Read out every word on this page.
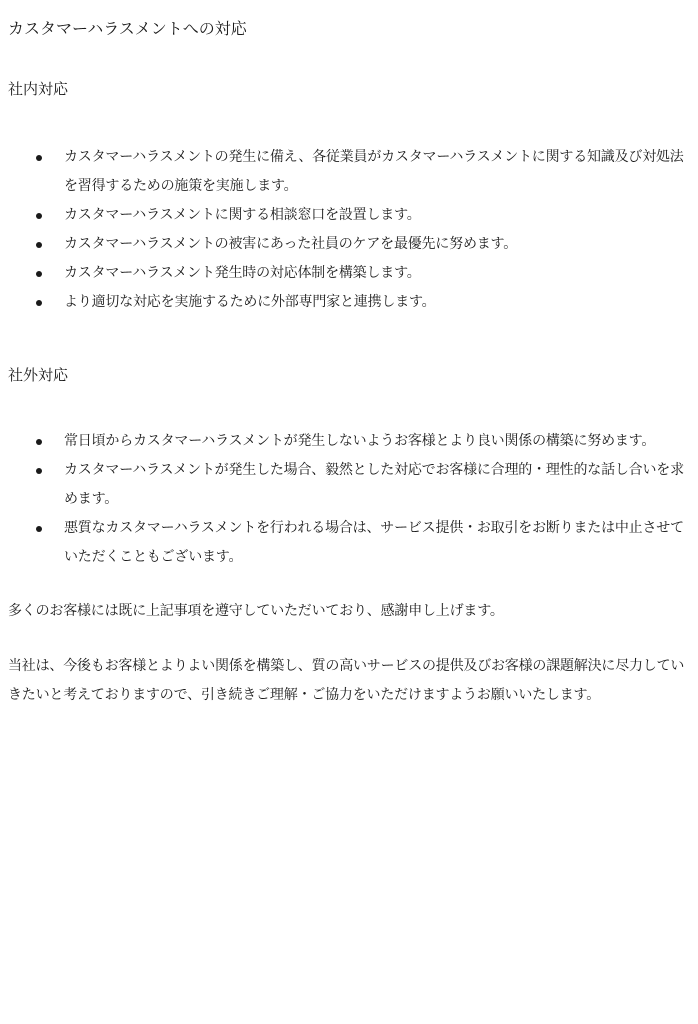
カスタマーハラスメントへの対応
社内対応
カスタマーハラスメントの発生に備え、各従業員がカスタマーハラスメントに関する知識及び対処法を習得するための施策を実施します。
カスタマーハラスメントに関する相談窓口を設置します。
カスタマーハラスメントの被害にあった社員のケアを最優先に努めます。
カスタマーハラスメント発生時の対応体制を構築します。
より適切な対応を実施するために外部専門家と連携します。
社外対応
常日頃からカスタマーハラスメントが発生しないようお客様とより良い関係の構築に努めます。
カスタマーハラスメントが発生した場合、毅然とした対応でお客様に合理的・理性的な話し合いを求めます。
悪質なカスタマーハラスメントを行われる場合は、サービス提供・お取引をお断りまたは中止させていただくこともございます。

多くのお客様には既に上記事項を遵守していただいており、感謝申し上げます。

当社は、今後もお客様とよりよい関係を構築し、質の高いサービスの提供及びお客様の課題解決に尽力していきたいと考えておりますので、引き続きご理解・ご協力をいただけますようお願いいたします。
